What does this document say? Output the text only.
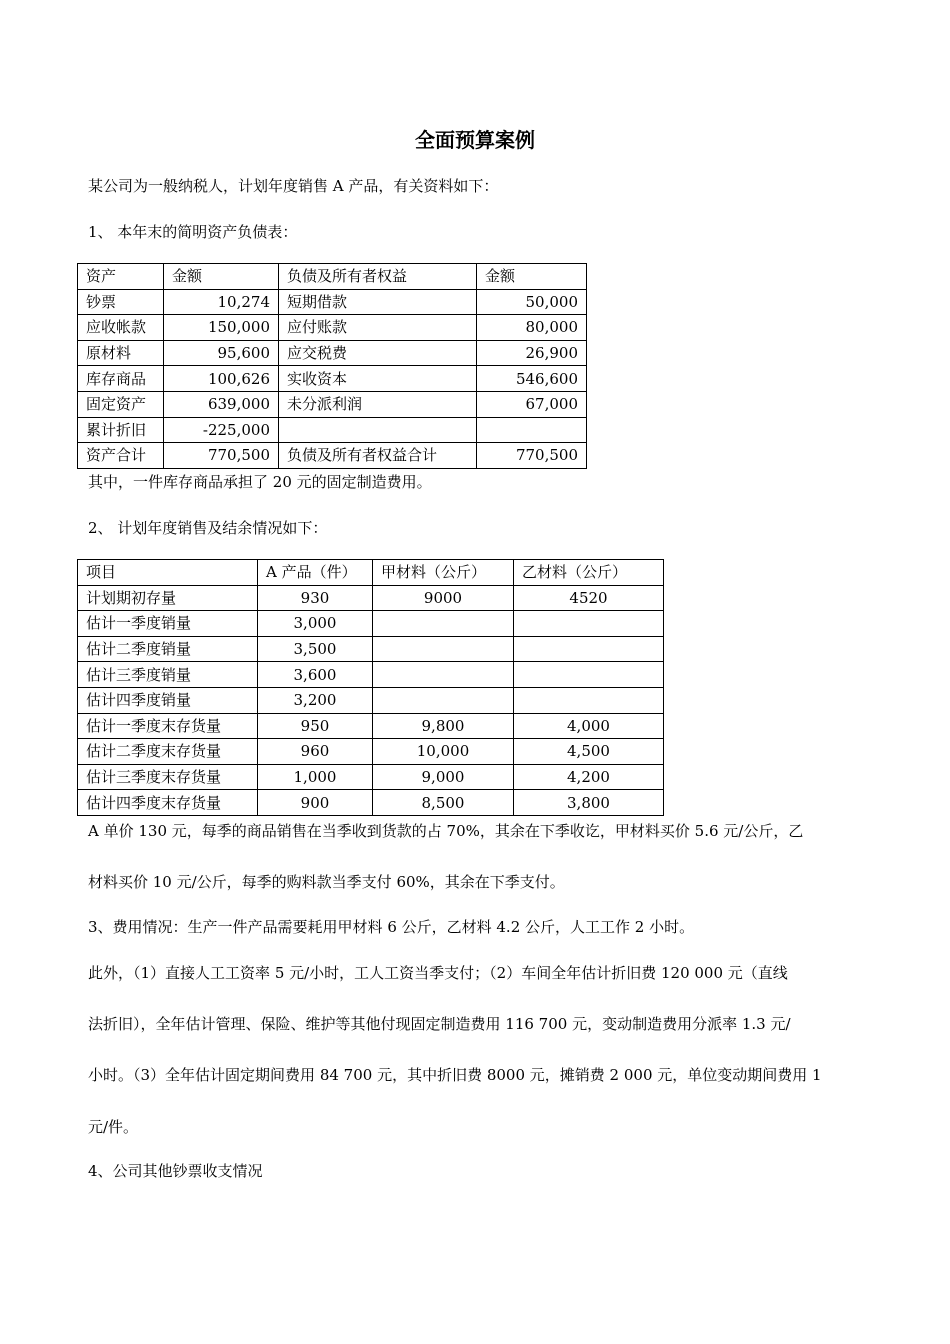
全面预算案例
某公司为一般纳税人，计划年度销售 A 产品，有关资料如下：
1、 本年末的简明资产负债表：
资产	金额	负债及所有者权益	金额
钞票	10,274	短期借款	50,000
应收帐款	150,000	应付账款	80,000
原材料	95,600	应交税费	26,900
库存商品	100,626	实收资本	546,600
固定资产	639,000	未分派利润	67,000
累计折旧	-225,000		
资产合计	770,500	负债及所有者权益合计	770,500
其中，一件库存商品承担了 20 元的固定制造费用。
2、 计划年度销售及结余情况如下：
项目	A 产品（件）	甲材料（公斤）	乙材料（公斤）
计划期初存量	930	9000	4520
估计一季度销量	3,000		
估计二季度销量	3,500		
估计三季度销量	3,600		
估计四季度销量	3,200		
估计一季度末存货量	950	9,800	4,000
估计二季度末存货量	960	10,000	4,500
估计三季度末存货量	1,000	9,000	4,200
估计四季度末存货量	900	8,500	3,800
A 单价 130 元，每季的商品销售在当季收到货款的占 70%，其余在下季收讫，甲材料买价 5.6 元/公斤，乙
材料买价 10 元/公斤，每季的购料款当季支付 60%，其余在下季支付。
3、费用情况：生产一件产品需要耗用甲材料 6 公斤，乙材料 4.2 公斤，人工工作 2 小时。
此外，（1）直接人工工资率 5 元/小时，工人工资当季支付；（2）车间全年估计折旧费 120 000 元（直线
法折旧），全年估计管理、保险、维护等其他付现固定制造费用 116 700 元，变动制造费用分派率 1.3 元/
小时。（3）全年估计固定期间费用 84 700 元，其中折旧费 8000 元，摊销费 2 000 元，单位变动期间费用 1
元/件。
4、公司其他钞票收支情况
